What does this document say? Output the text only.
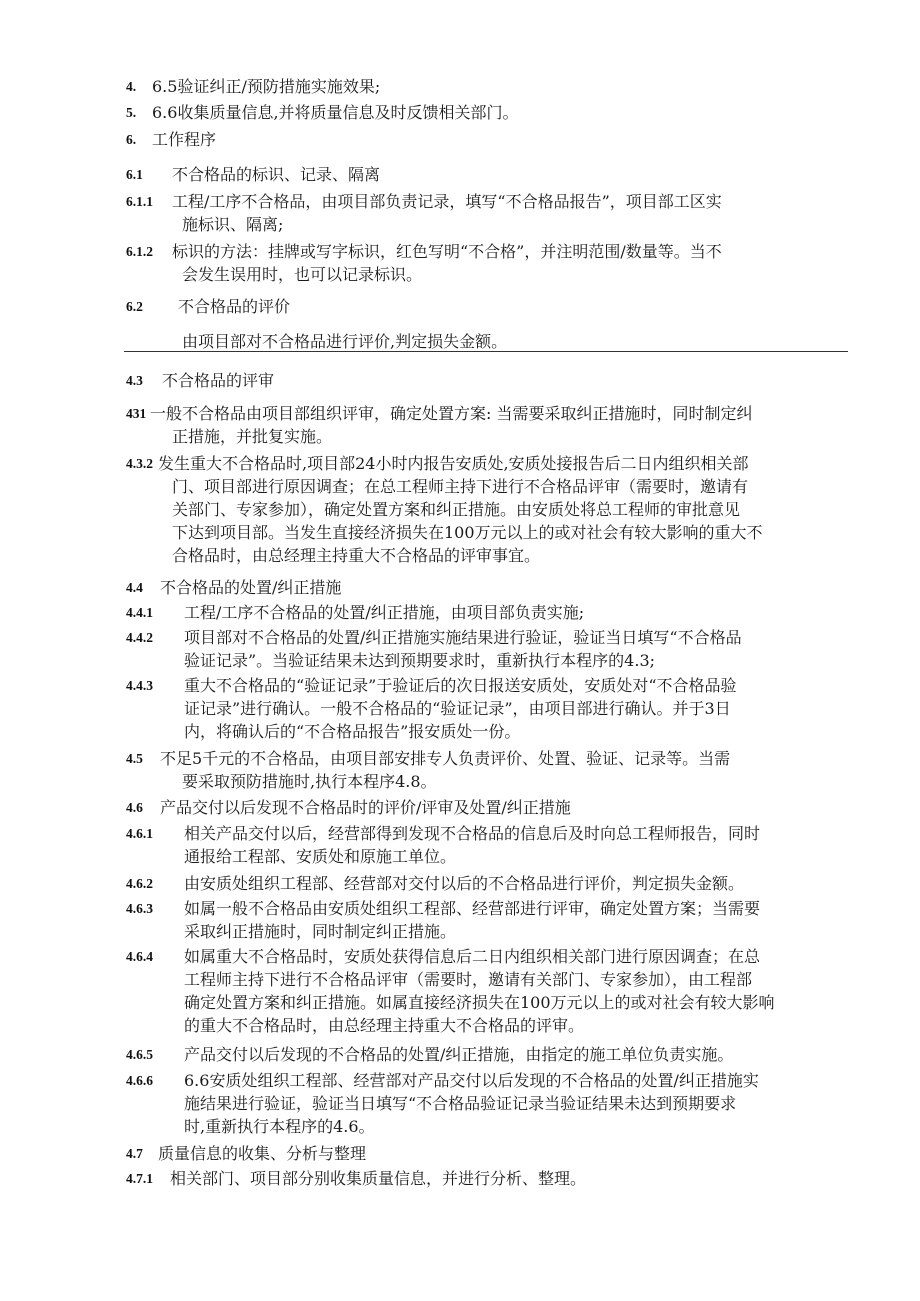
4. 6.5验证纠正/预防措施实施效果;
5. 6.6收集质量信息,并将质量信息及时反馈相关部门。
6. 工作程序
6.1	不合格品的标识、记录、隔离
6.1.1	工程/工序不合格品，由项目部负责记录，填写“不合格品报告”，项目部工区实
施标识、隔离;
6.1.2	标识的方法：挂牌或写字标识，红色写明“不合格”，并注明范围/数量等。当不
会发生误用时，也可以记录标识。
6.2	不合格品的评价
由项目部对不合格品进行评价,判定损失金额。
4.3	不合格品的评审
431 一般不合格品由项目部组织评审，确定处置方案: 当需要采取纠正措施时，同时制定纠
正措施，并批复实施。
4.3.2 发生重大不合格品时,项目部24小时内报告安质处,安质处接报告后二日内组织相关部
门、项目部进行原因调查；在总工程师主持下进行不合格品评审（需要时，邀请有
关部门、专家参加），确定处置方案和纠正措施。由安质处将总工程师的审批意见
下达到项目部。当发生直接经济损失在100万元以上的或对社会有较大影响的重大不
合格品时，由总经理主持重大不合格品的评审事宜。
4.4	不合格品的处置/纠正措施
4.4.1	工程/工序不合格品的处置/纠正措施，由项目部负责实施;
4.4.2	项目部对不合格品的处置/纠正措施实施结果进行验证，验证当日填写“不合格品
验证记录”。当验证结果未达到预期要求时，重新执行本程序的4.3;
4.4.3	重大不合格品的“验证记录”于验证后的次日报送安质处，安质处对“不合格品验
证记录”进行确认。一般不合格品的“验证记录”，由项目部进行确认。并于3日
内，将确认后的“不合格品报告”报安质处一份。
4.5	不足5千元的不合格品，由项目部安排专人负责评价、处置、验证、记录等。当需
要采取预防措施时,执行本程序4.8。
4.6	产品交付以后发现不合格品时的评价/评审及处置/纠正措施
4.6.1	相关产品交付以后，经营部得到发现不合格品的信息后及时向总工程师报告，同时
通报给工程部、安质处和原施工单位。
4.6.2	由安质处组织工程部、经营部对交付以后的不合格品进行评价，判定损失金额。
4.6.3	如属一般不合格品由安质处组织工程部、经营部进行评审，确定处置方案；当需要
采取纠正措施时，同时制定纠正措施。
4.6.4	如属重大不合格品时，安质处获得信息后二日内组织相关部门进行原因调查；在总
工程师主持下进行不合格品评审（需要时，邀请有关部门、专家参加），由工程部
确定处置方案和纠正措施。如属直接经济损失在100万元以上的或对社会有较大影响
的重大不合格品时，由总经理主持重大不合格品的评审。
4.6.5	产品交付以后发现的不合格品的处置/纠正措施，由指定的施工单位负责实施。
4.6.6	6.6安质处组织工程部、经营部对产品交付以后发现的不合格品的处置/纠正措施实
施结果进行验证，验证当日填写“不合格品验证记录当验证结果未达到预期要求
时,重新执行本程序的4.6。
4.7 质量信息的收集、分析与整理
4.7.1	相关部门、项目部分别收集质量信息，并进行分析、整理。
